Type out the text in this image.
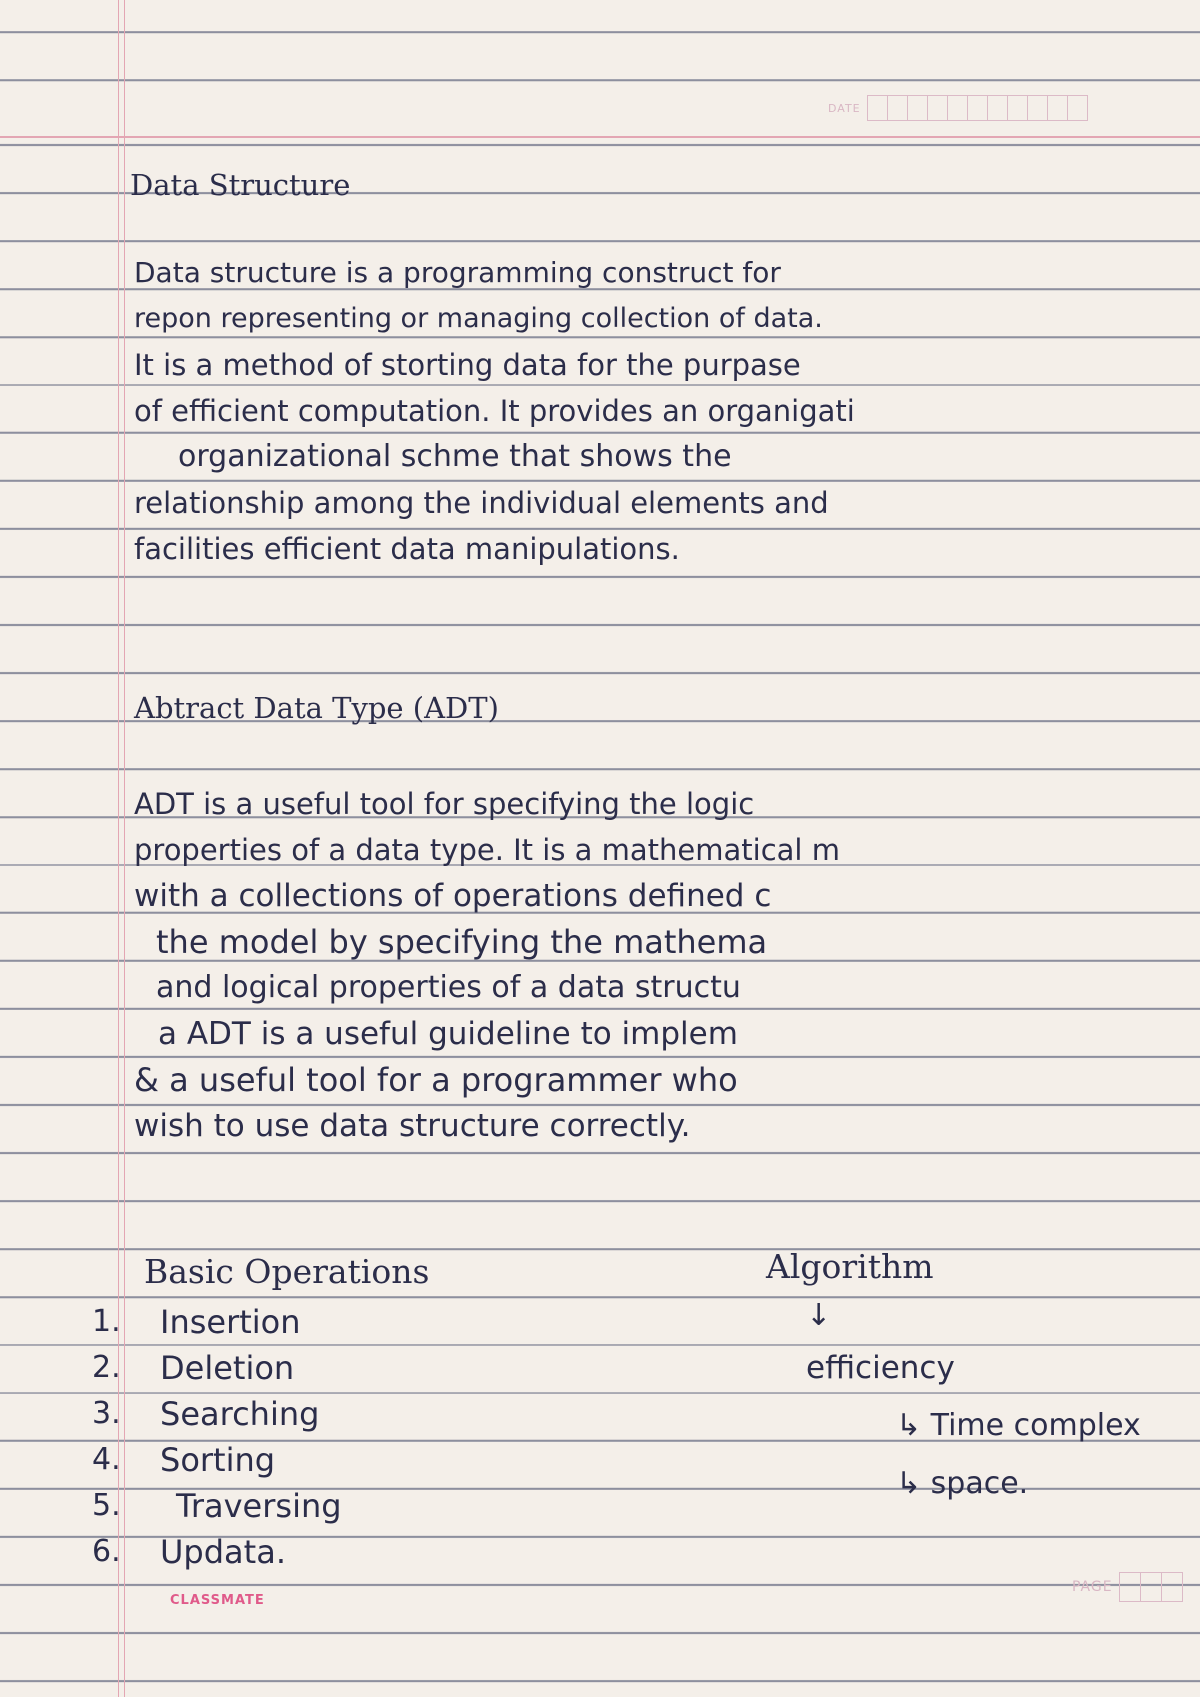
DATE
Data Structure
Data structure is a programming construct for
repon representing or managing collection of data.
It is a method of storting data for the purpase
of efficient computation. It provides an organigati
organizational schme that shows the
relationship among the individual elements and
facilities efficient data manipulations.
Abtract Data Type (ADT)
ADT is a useful tool for specifying the logic
properties of a data type. It is a mathematical m
with a collections of operations defined c
the model by specifying the mathema
and logical properties of a data structu
a ADT is a useful guideline to implem
& a useful tool for a programmer who
wish to use data structure correctly.
Basic Operations
1. Insertion
2. Deletion
3. Searching
4. Sorting
5. Traversing
6. Updata.
Algorithm
↓
efficiency
↳ Time complex
↳ space.
CLASSMATE
PAGE
